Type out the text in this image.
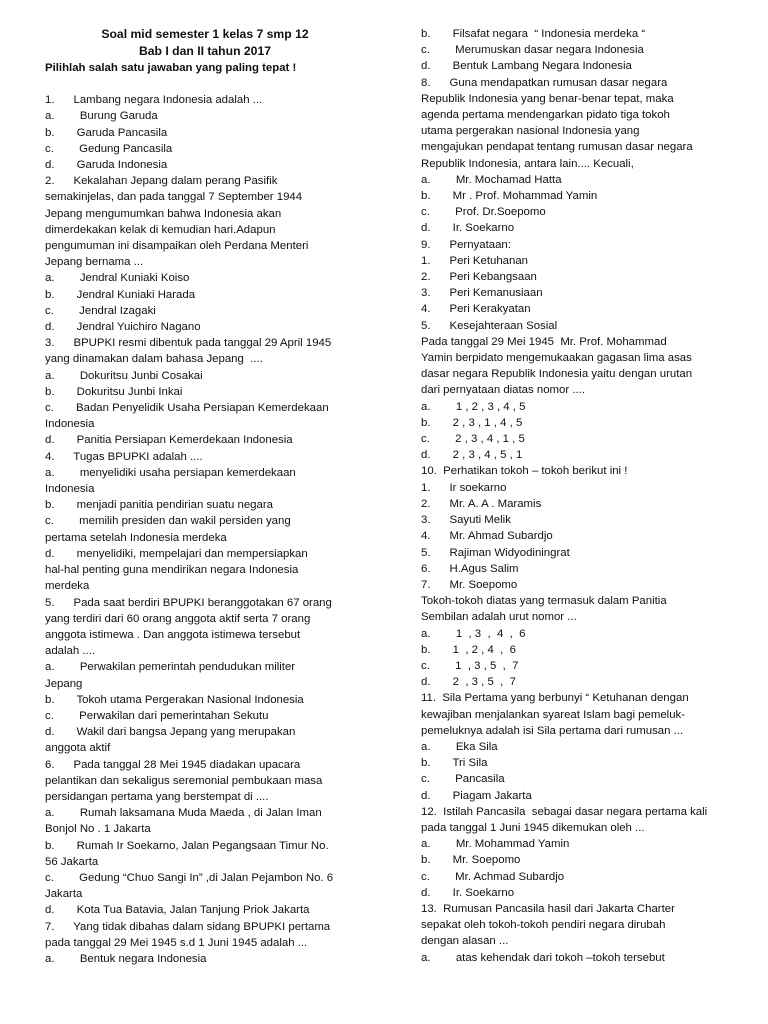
Soal mid semester 1 kelas 7 smp 12
Bab I dan II tahun 2017
Pilihlah salah satu jawaban yang paling tepat !
1.      Lambang negara Indonesia adalah ...
a.        Burung Garuda
b.       Garuda Pancasila
c.        Gedung Pancasila
d.       Garuda Indonesia
2.      Kekalahan Jepang dalam perang Pasifik
semakinjelas, dan pada tanggal 7 September 1944
Jepang mengumumkan bahwa Indonesia akan
dimerdekakan kelak di kemudian hari.Adapun
pengumuman ini disampaikan oleh Perdana Menteri
Jepang bernama ...
a.        Jendral Kuniaki Koiso
b.       Jendral Kuniaki Harada
c.        Jendral Izagaki
d.       Jendral Yuichiro Nagano
3.      BPUPKI resmi dibentuk pada tanggal 29 April 1945
yang dinamakan dalam bahasa Jepang  ....
a.        Dokuritsu Junbi Cosakai
b.       Dokuritsu Junbi Inkai
c.       Badan Penyelidik Usaha Persiapan Kemerdekaan
Indonesia
d.       Panitia Persiapan Kemerdekaan Indonesia
4.      Tugas BPUPKI adalah ....
a.        menyelidiki usaha persiapan kemerdekaan
Indonesia
b.       menjadi panitia pendirian suatu negara
c.        memilih presiden dan wakil persiden yang
pertama setelah Indonesia merdeka
d.       menyelidiki, mempelajari dan mempersiapkan
hal-hal penting guna mendirikan negara Indonesia
merdeka
5.      Pada saat berdiri BPUPKI beranggotakan 67 orang
yang terdiri dari 60 orang anggota aktif serta 7 orang
anggota istimewa . Dan anggota istimewa tersebut
adalah ....
a.        Perwakilan pemerintah pendudukan militer
Jepang
b.       Tokoh utama Pergerakan Nasional Indonesia
c.        Perwakilan dari pemerintahan Sekutu
d.       Wakil dari bangsa Jepang yang merupakan
anggota aktif
6.      Pada tanggal 28 Mei 1945 diadakan upacara
pelantikan dan sekaligus seremonial pembukaan masa
persidangan pertama yang berstempat di ....
a.        Rumah laksamana Muda Maeda , di Jalan Iman
Bonjol No . 1 Jakarta
b.       Rumah Ir Soekarno, Jalan Pegangsaan Timur No.
56 Jakarta
c.        Gedung “Chuo Sangi In” ,di Jalan Pejambon No. 6
Jakarta
d.       Kota Tua Batavia, Jalan Tanjung Priok Jakarta
7.      Yang tidak dibahas dalam sidang BPUPKI pertama
pada tanggal 29 Mei 1945 s.d 1 Juni 1945 adalah ...
a.        Bentuk negara Indonesia
b.       Filsafat negara  “ Indonesia merdeka “
c.        Merumuskan dasar negara Indonesia
d.       Bentuk Lambang Negara Indonesia
8.      Guna mendapatkan rumusan dasar negara
Republik Indonesia yang benar-benar tepat, maka
agenda pertama mendengarkan pidato tiga tokoh
utama pergerakan nasional Indonesia yang
mengajukan pendapat tentang rumusan dasar negara
Republik Indonesia, antara lain.... Kecuali,
a.        Mr. Mochamad Hatta
b.       Mr . Prof. Mohammad Yamin
c.        Prof. Dr.Soepomo
d.       Ir. Soekarno
9.      Pernyataan:
1.      Peri Ketuhanan
2.      Peri Kebangsaan
3.      Peri Kemanusiaan
4.      Peri Kerakyatan
5.      Kesejahteraan Sosial
Pada tanggal 29 Mei 1945  Mr. Prof. Mohammad
Yamin berpidato mengemukaakan gagasan lima asas
dasar negara Republik Indonesia yaitu dengan urutan
dari pernyataan diatas nomor ....
a.        1 , 2 , 3 , 4 , 5
b.       2 , 3 , 1 , 4 , 5
c.        2 , 3 , 4 , 1 , 5
d.       2 , 3 , 4 , 5 , 1
10.  Perhatikan tokoh – tokoh berikut ini !
1.      Ir soekarno
2.      Mr. A. A . Maramis
3.      Sayuti Melik
4.      Mr. Ahmad Subardjo
5.      Rajiman Widyodiningrat
6.      H.Agus Salim
7.      Mr. Soepomo
Tokoh-tokoh diatas yang termasuk dalam Panitia
Sembilan adalah urut nomor ...
a.        1  , 3  ,  4  ,  6
b.       1  , 2 , 4  ,  6
c.        1  , 3 , 5  ,  7
d.       2  , 3 , 5  ,  7
11.  Sila Pertama yang berbunyi “ Ketuhanan dengan
kewajiban menjalankan syareat Islam bagi pemeluk-
pemeluknya adalah isi Sila pertama dari rumusan ...
a.        Eka Sila
b.       Tri Sila
c.        Pancasila
d.       Piagam Jakarta
12.  Istilah Pancasila  sebagai dasar negara pertama kali
pada tanggal 1 Juni 1945 dikemukan oleh ...
a.        Mr. Mohammad Yamin
b.       Mr. Soepomo
c.        Mr. Achmad Subardjo
d.       Ir. Soekarno
13.  Rumusan Pancasila hasil dari Jakarta Charter
sepakat oleh tokoh-tokoh pendiri negara dirubah
dengan alasan ...
a.        atas kehendak dari tokoh –tokoh tersebut
